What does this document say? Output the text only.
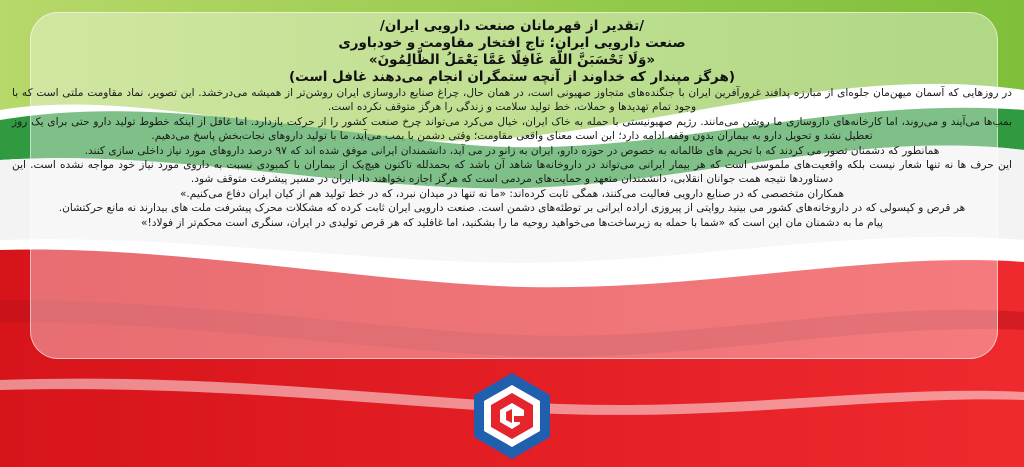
/تقدیر از قهرمانان صنعت دارویی ایران/

صنعت دارویی ایران؛ تاج افتخار مقاومت و خودباوری

«وَلَا تَحْسَبَنَّ اللَّهَ غَافِلًا عَمَّا يَعْمَلُ الظَّالِمُونَ»

(هرگز مپندار که خداوند از آنچه ستمگران انجام می‌دهند غافل است)

در روزهایی که آسمان میهن‌مان جلوه‌ای از مبارزه پدافند غرورآفرین ایران با جنگنده‌های متجاوز صهیونی است، در همان حال، چراغ صنایع داروسازی ایران روشن‌تر از همیشه می‌درخشد. این تصویر، نماد مقاومت ملتی است که با وجود تمام تهدیدها و حملات، خط تولید سلامت و زندگی را هرگز متوقف نکرده است.

بمب‌ها می‌آیند و می‌روند، اما کارخانه‌های داروسازی ما روشن می‌مانند. رژیم صهیونیستی با حمله به خاک ایران، خیال می‌کرد می‌تواند چرخ صنعت کشور را از حرکت بازدارد. اما غافل از اینکه خطوط تولید دارو حتی برای یک روز تعطیل نشد و تحویل دارو به بیماران بدون وقفه ادامه دارد؛ این است معنای واقعی مقاومت؛ وقتی دشمن با بمب می‌آید، ما با تولید داروهای نجات‌بخش پاسخ می‌دهیم.

همانطور که دشمنان تصور می کردند که با تحریم های ظالمانه به خصوص در حوزه دارو، ایران به زانو در می آید، دانشمندان ایرانی موفق شده اند که ۹۷ درصد داروهای مورد نیاز داخلی سازی کنند.

این حرف ها نه تنها شعار نیست بلکه واقعیت‌های ملموسی است که هر بیمار ایرانی می‌تواند در داروخانه‌ها شاهد آن باشد که بحمدلله تاکنون هیچ‌یک از بیماران با کمبودی نسبت به داروی مورد نیاز خود مواجه نشده است. این دستاوردها نتیجه همت جوانان انقلابی، دانشمندان متعهد و حمایت‌های مردمی است که هرگز اجازه نخواهند داد ایران در مسیر پیشرفت متوقف شود.

همکاران متخصصی که در صنایع دارویی فعالیت می‌کنند، همگی ثابت کرده‌اند: «ما نه تنها در میدان نبرد، که در خط تولید هم از کیان ایران دفاع می‌کنیم.»

هر قرص و کپسولی که در داروخانه‌های کشور می بینید روایتی از پیروزی اراده ایرانی بر توطئه‌های دشمن است. صنعت دارویی ایران ثابت کرده که مشکلات محرک پیشرفت ملت های بیدارند نه مانع حرکتشان.

پیام ما به دشمنان مان این است که «شما با حمله به زیرساخت‌ها می‌خواهید روحیه ما را بشکنید، اما غافلید که هر قرص تولیدی در ایران، سنگری است محکم‌تر از فولاد!»
